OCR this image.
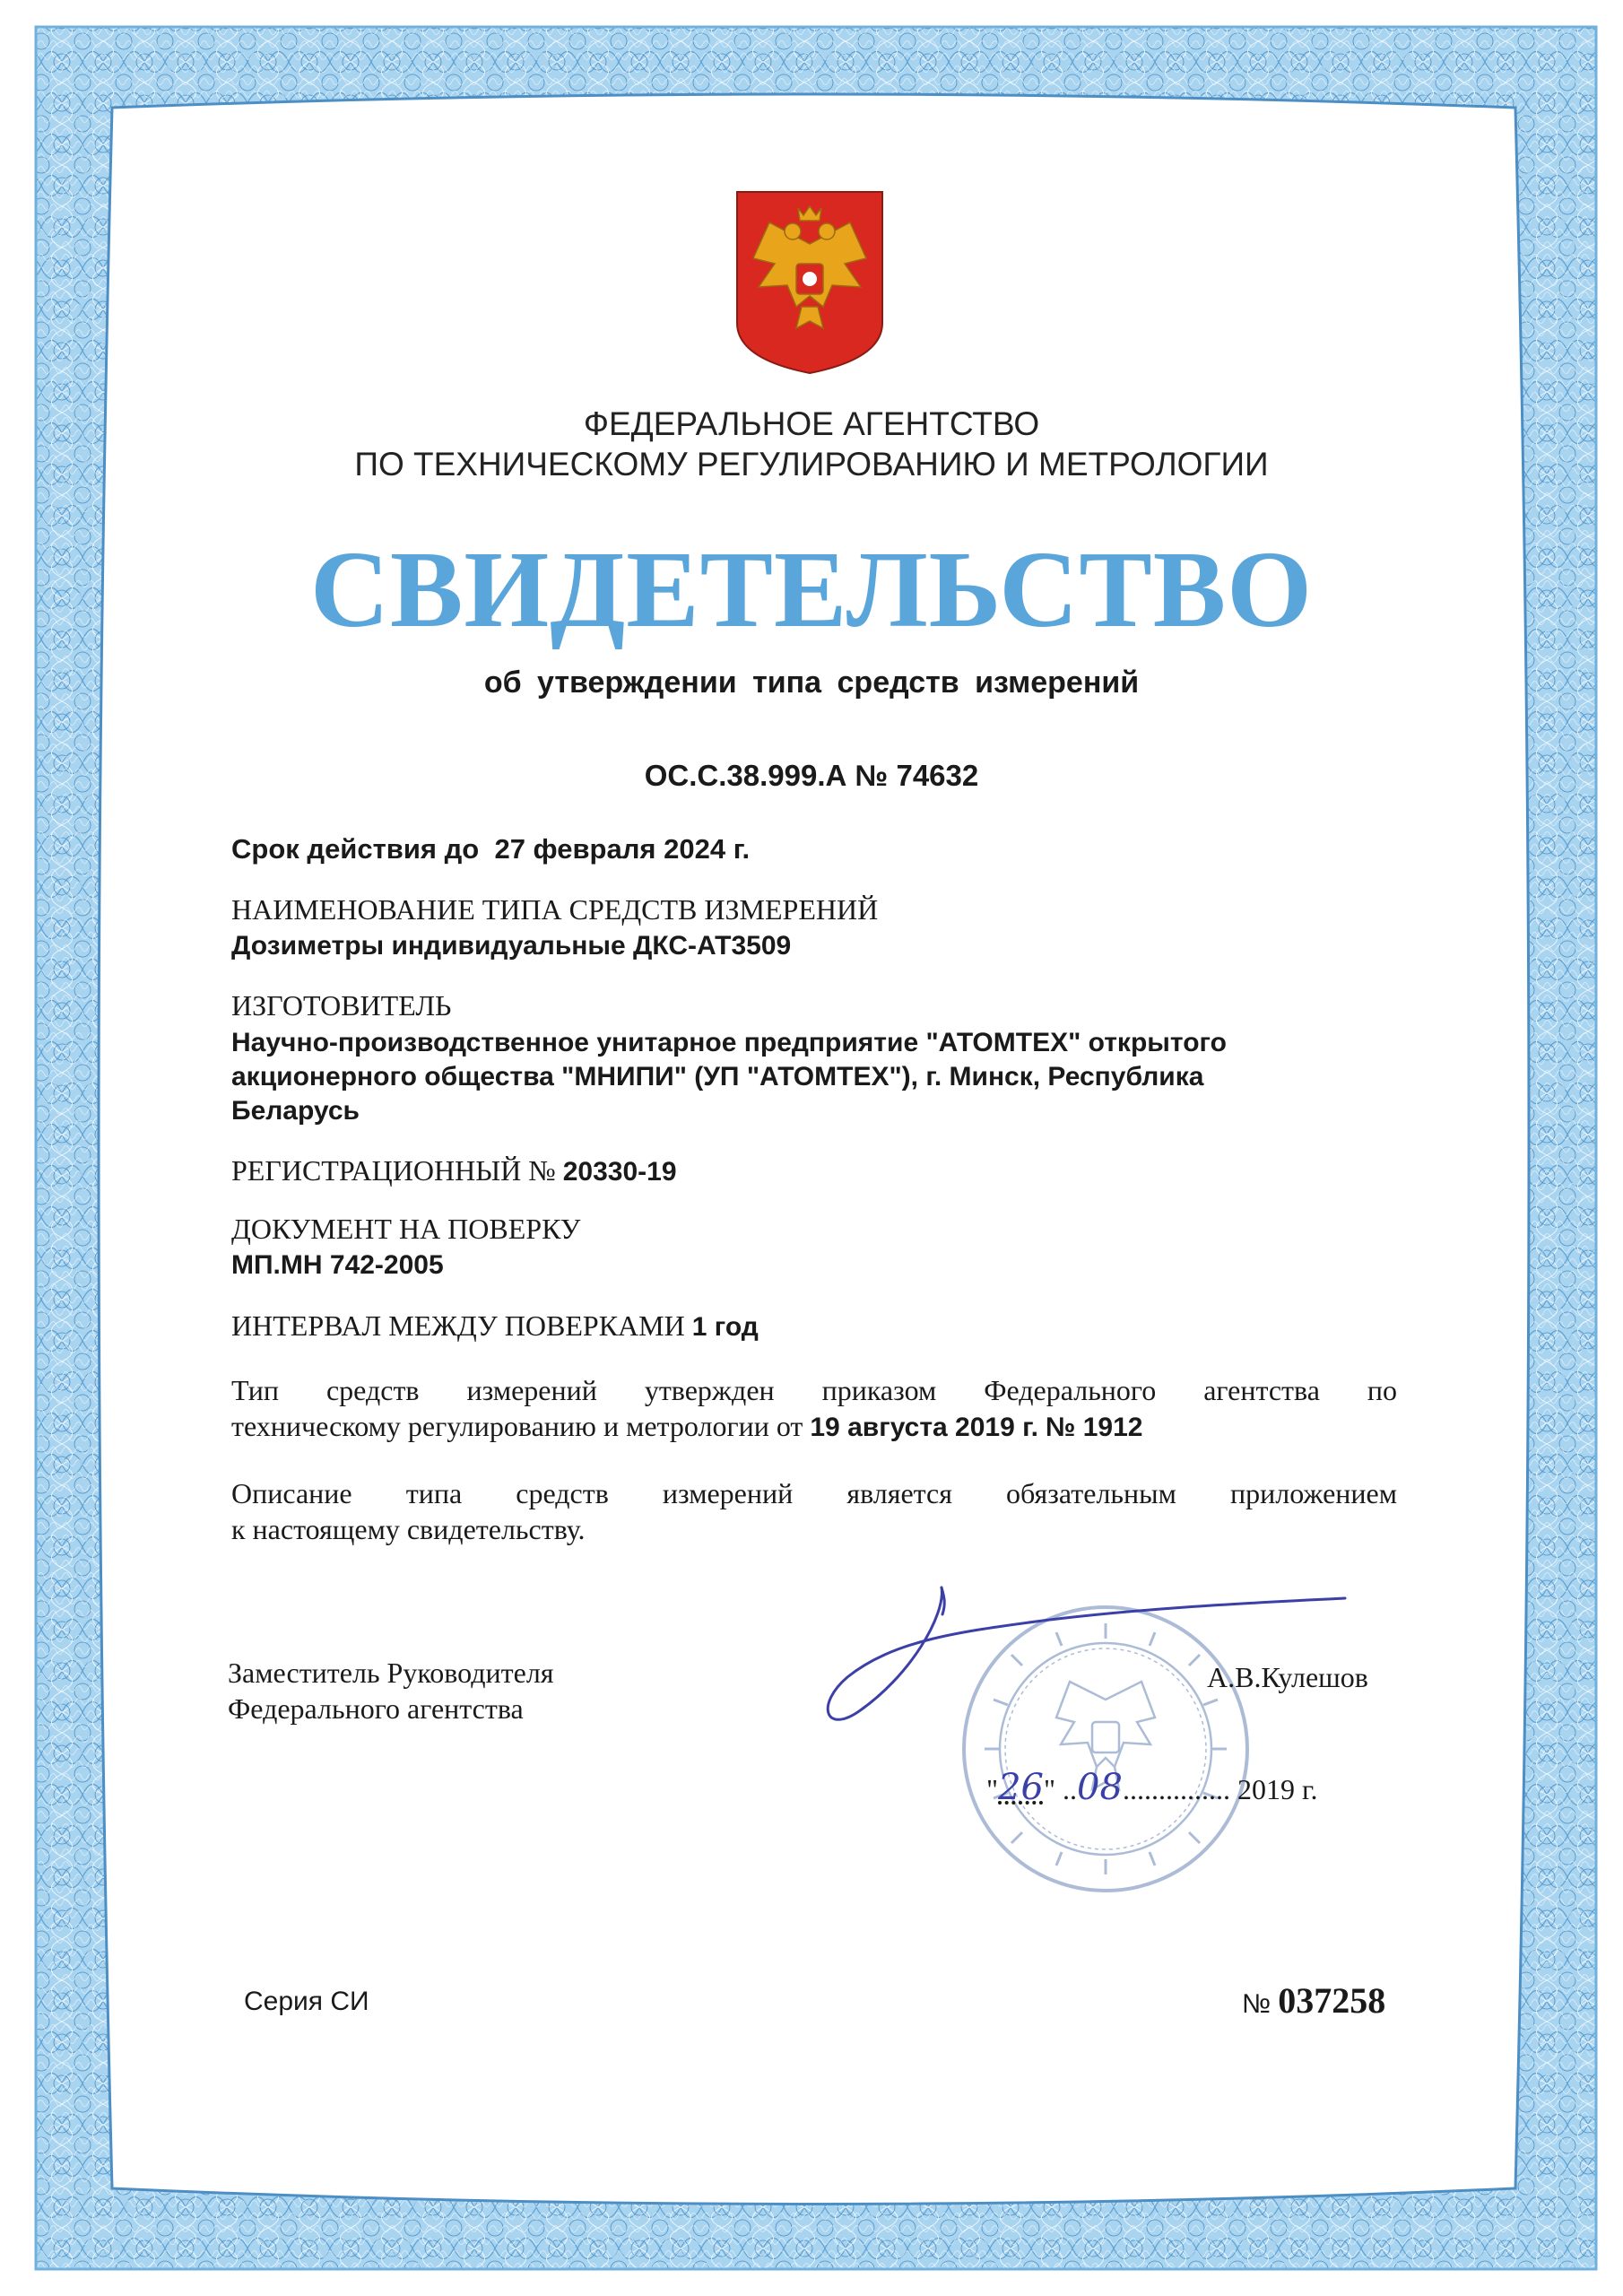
ФЕДЕРАЛЬНОЕ АГЕНТСТВО
ПО ТЕХНИЧЕСКОМУ РЕГУЛИРОВАНИЮ И МЕТРОЛОГИИ
СВИДЕТЕЛЬСТВО
об утверждении типа средств измерений
ОС.С.38.999.А № 74632
Срок действия до 27 февраля 2024 г.
НАИМЕНОВАНИЕ ТИПА СРЕДСТВ ИЗМЕРЕНИЙ
Дозиметры индивидуальные ДКС-АТ3509
ИЗГОТОВИТЕЛЬ
Научно-производственное унитарное предприятие "АТОМТЕХ" открытого
акционерного общества "МНИПИ" (УП "АТОМТЕХ"), г. Минск, Республика
Беларусь
РЕГИСТРАЦИОННЫЙ № 20330-19
ДОКУМЕНТ НА ПОВЕРКУ
МП.МН 742-2005
ИНТЕРВАЛ МЕЖДУ ПОВЕРКАМИ 1 год
Тип средств измерений утвержден приказом Федерального агентства по
техническому регулированию и метрологии от 19 августа 2019 г. № 1912
Описание типа средств измерений является обязательным приложением
к настоящему свидетельству.
Заместитель Руководителя
Федерального агентства
А.В.Кулешов
"26" ..08............... 2019 г.
Серия СИ	№ 037258
